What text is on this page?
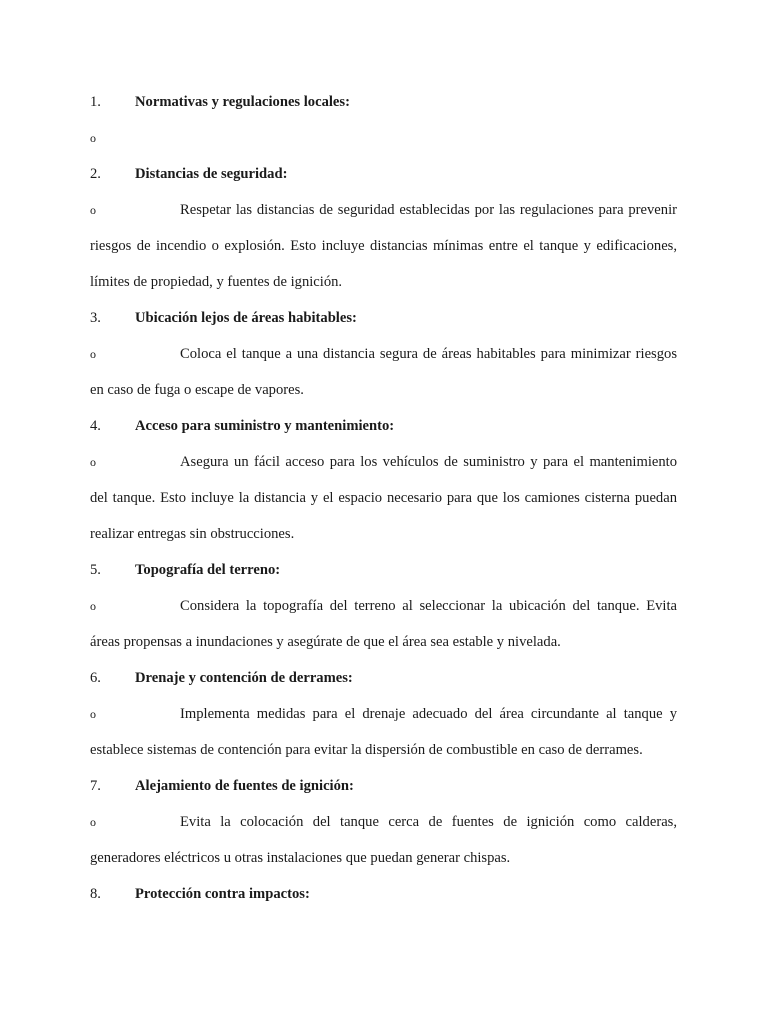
1.	Normativas y regulaciones locales:
o
2.	Distancias de seguridad:
o	Respetar las distancias de seguridad establecidas por las regulaciones para prevenir riesgos de incendio o explosión. Esto incluye distancias mínimas entre el tanque y edificaciones, límites de propiedad, y fuentes de ignición.
3.	Ubicación lejos de áreas habitables:
o	Coloca el tanque a una distancia segura de áreas habitables para minimizar riesgos en caso de fuga o escape de vapores.
4.	Acceso para suministro y mantenimiento:
o	Asegura un fácil acceso para los vehículos de suministro y para el mantenimiento del tanque. Esto incluye la distancia y el espacio necesario para que los camiones cisterna puedan realizar entregas sin obstrucciones.
5.	Topografía del terreno:
o	Considera la topografía del terreno al seleccionar la ubicación del tanque. Evita áreas propensas a inundaciones y asegúrate de que el área sea estable y nivelada.
6.	Drenaje y contención de derrames:
o	Implementa medidas para el drenaje adecuado del área circundante al tanque y establece sistemas de contención para evitar la dispersión de combustible en caso de derrames.
7.	Alejamiento de fuentes de ignición:
o	Evita la colocación del tanque cerca de fuentes de ignición como calderas, generadores eléctricos u otras instalaciones que puedan generar chispas.
8.	Protección contra impactos:
